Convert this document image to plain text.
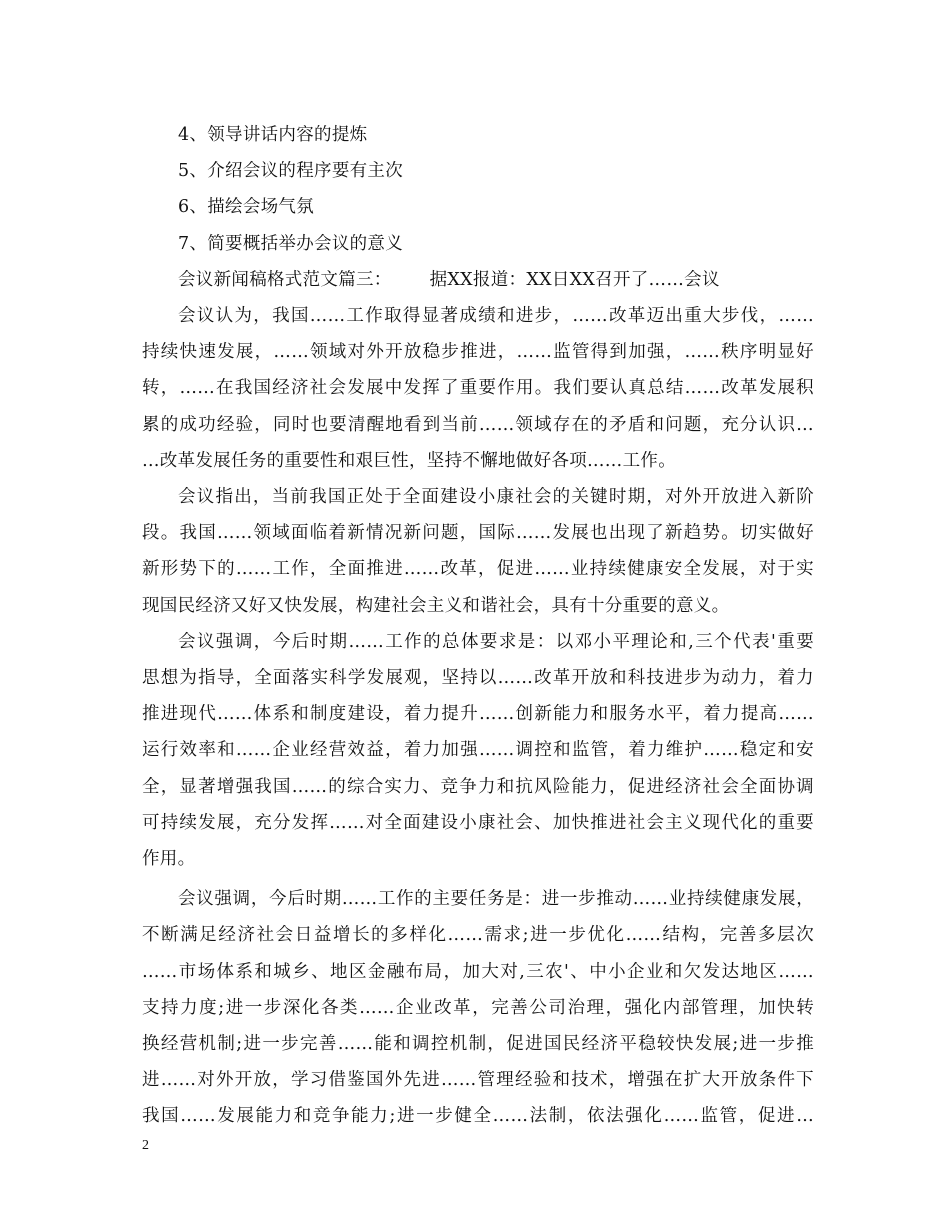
4、领导讲话内容的提炼
5、介绍会议的程序要有主次
6、描绘会场气氛
7、简要概括举办会议的意义
会议新闻稿格式范文篇三： 据XX报道：XX日XX召开了……会议
会议认为，我国……工作取得显著成绩和进步，……改革迈出重大步伐，……
持续快速发展，……领域对外开放稳步推进，……监管得到加强，……秩序明显好
转，……在我国经济社会发展中发挥了重要作用。我们要认真总结……改革发展积
累的成功经验，同时也要清醒地看到当前……领域存在的矛盾和问题，充分认识…
…改革发展任务的重要性和艰巨性，坚持不懈地做好各项……工作。
会议指出，当前我国正处于全面建设小康社会的关键时期，对外开放进入新阶
段。我国……领域面临着新情况新问题，国际……发展也出现了新趋势。切实做好
新形势下的……工作，全面推进……改革，促进……业持续健康安全发展，对于实
现国民经济又好又快发展，构建社会主义和谐社会，具有十分重要的意义。
会议强调，今后时期……工作的总体要求是：以邓小平理论和,三个代表'重要
思想为指导，全面落实科学发展观，坚持以……改革开放和科技进步为动力，着力
推进现代……体系和制度建设，着力提升……创新能力和服务水平，着力提高……
运行效率和……企业经营效益，着力加强……调控和监管，着力维护……稳定和安
全，显著增强我国……的综合实力、竞争力和抗风险能力，促进经济社会全面协调
可持续发展，充分发挥……对全面建设小康社会、加快推进社会主义现代化的重要
作用。
会议强调，今后时期……工作的主要任务是：进一步推动……业持续健康发展，
不断满足经济社会日益增长的多样化……需求;进一步优化……结构，完善多层次
……市场体系和城乡、地区金融布局，加大对,三农'、中小企业和欠发达地区……
支持力度;进一步深化各类……企业改革，完善公司治理，强化内部管理，加快转
换经营机制;进一步完善……能和调控机制，促进国民经济平稳较快发展;进一步推
进……对外开放，学习借鉴国外先进……管理经验和技术，增强在扩大开放条件下
我国……发展能力和竞争能力;进一步健全……法制，依法强化……监管，促进…
2
